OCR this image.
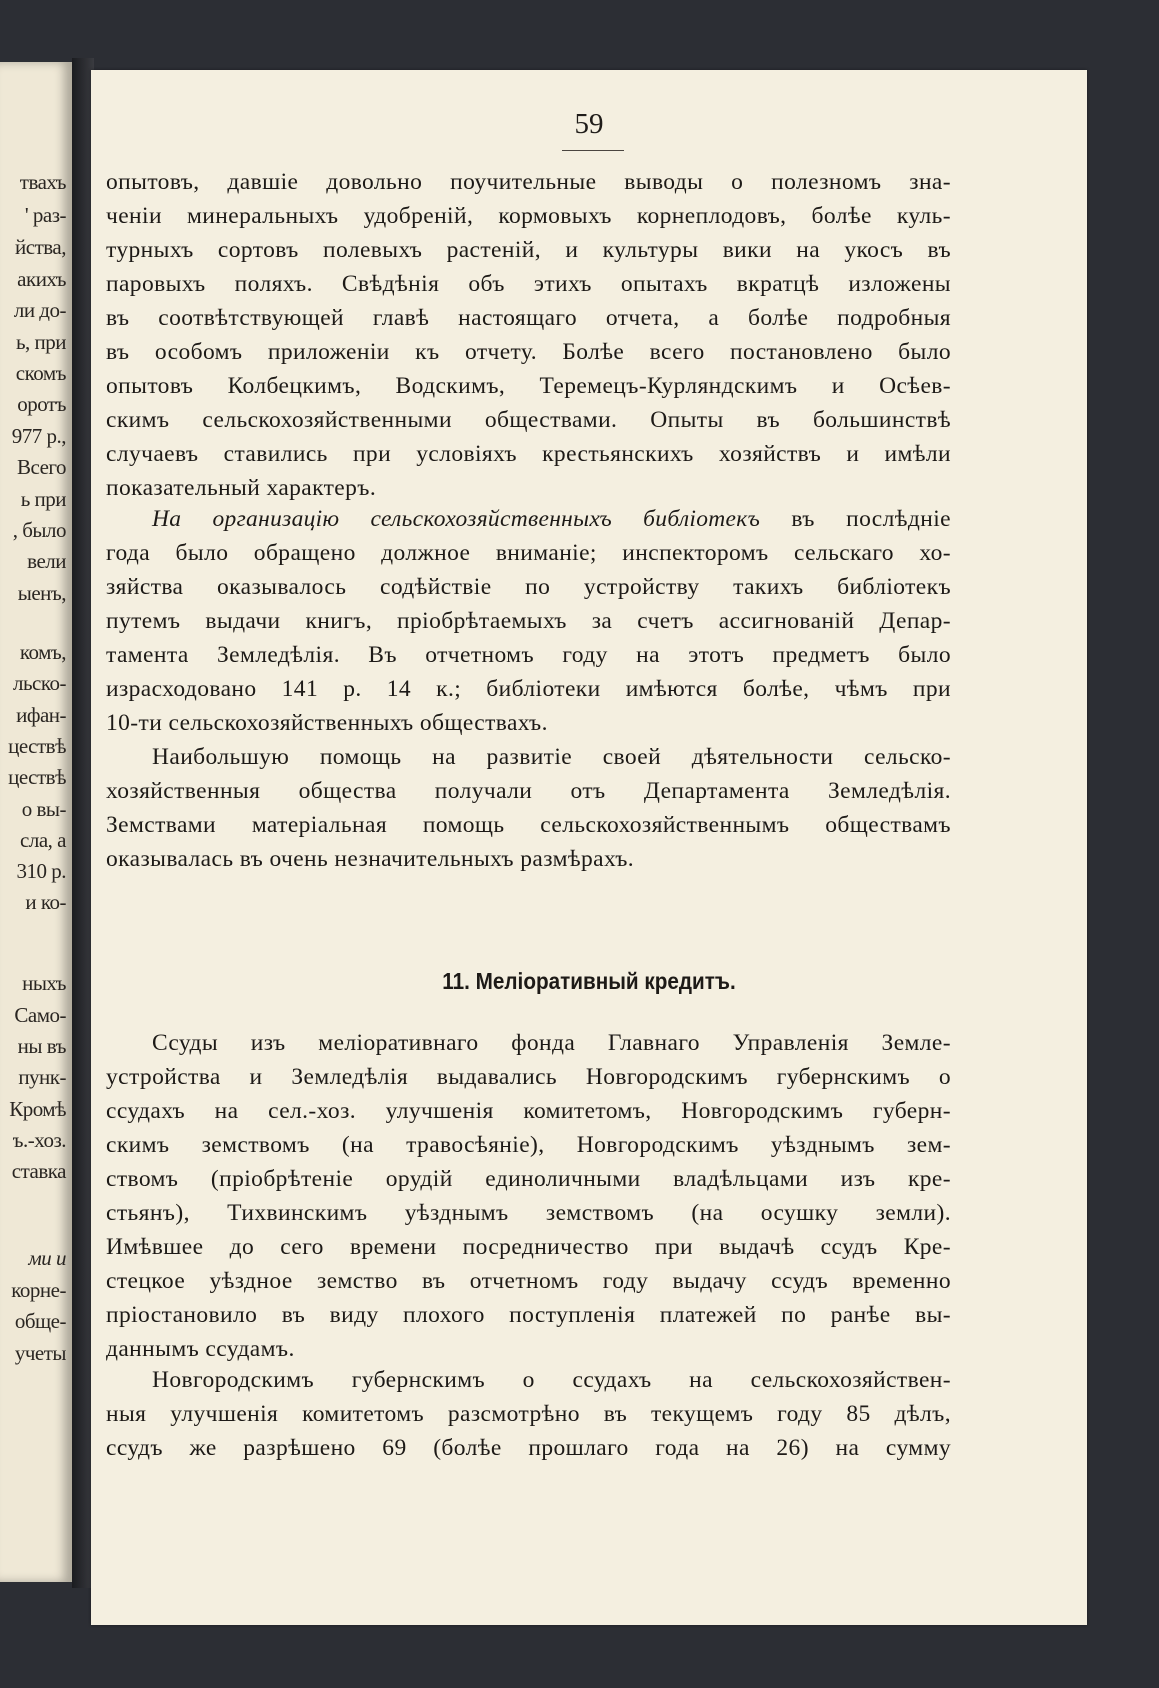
твахъ
' раз-
йства,
акихъ
ли до-
ь, при
скомъ
оротъ
977 р.,
Всего
ь при
, было
вели
ыенъ,
комъ,
льско-
ифан-
цествѣ
цествѣ
о вы-
сла, а
310 р.
и ко-
ныхъ
Само-
ны въ
пунк-
Кромѣ
ъ.-хоз.
ставка
ми и
корне-
обще-
учеты
59
опытовъ, давшіе довольно поучительные выводы о полезномъ зна-
ченіи минеральныхъ удобреній, кормовыхъ корнеплодовъ, болѣе куль-
турныхъ сортовъ полевыхъ растеній, и культуры вики на укосъ въ
паровыхъ поляхъ. Свѣдѣнія объ этихъ опытахъ вкратцѣ изложены
въ соотвѣтствующей главѣ настоящаго отчета, а болѣе подробныя
въ особомъ приложеніи къ отчету. Болѣе всего постановлено было
опытовъ Колбецкимъ, Водскимъ, Теремецъ-Курляндскимъ и Осѣев-
скимъ сельскохозяйственными обществами. Опыты въ большинствѣ
случаевъ ставились при условіяхъ крестьянскихъ хозяйствъ и имѣли
показательный характеръ.
На организацію сельскохозяйственныхъ библіотекъ въ послѣдніе
года было обращено должное вниманіе; инспекторомъ сельскаго хо-
зяйства оказывалось содѣйствіе по устройству такихъ библіотекъ
путемъ выдачи книгъ, пріобрѣтаемыхъ за счетъ ассигнованій Депар-
тамента Земледѣлія. Въ отчетномъ году на этотъ предметъ было
израсходовано 141 р. 14 к.; библіотеки имѣются болѣе, чѣмъ при
10-ти сельскохозяйственныхъ обществахъ.
Наибольшую помощь на развитіе своей дѣятельности сельско-
хозяйственныя общества получали отъ Департамента Земледѣлія.
Земствами матеріальная помощь сельскохозяйственнымъ обществамъ
оказывалась въ очень незначительныхъ размѣрахъ.
11. Меліоративный кредитъ.
Ссуды изъ меліоративнаго фонда Главнаго Управленія Земле-
устройства и Земледѣлія выдавались Новгородскимъ губернскимъ о
ссудахъ на сел.-хоз. улучшенія комитетомъ, Новгородскимъ губерн-
скимъ земствомъ (на травосѣяніе), Новгородскимъ уѣзднымъ зем-
ствомъ (пріобрѣтеніе орудій единоличными владѣльцами изъ кре-
стьянъ), Тихвинскимъ уѣзднымъ земствомъ (на осушку земли).
Имѣвшее до сего времени посредничество при выдачѣ ссудъ Кре-
стецкое уѣздное земство въ отчетномъ году выдачу ссудъ временно
пріостановило въ виду плохого поступленія платежей по ранѣе вы-
даннымъ ссудамъ.
Новгородскимъ губернскимъ о ссудахъ на сельскохозяйствен-
ныя улучшенія комитетомъ разсмотрѣно въ текущемъ году 85 дѣлъ,
ссудъ же разрѣшено 69 (болѣе прошлаго года на 26) на сумму
